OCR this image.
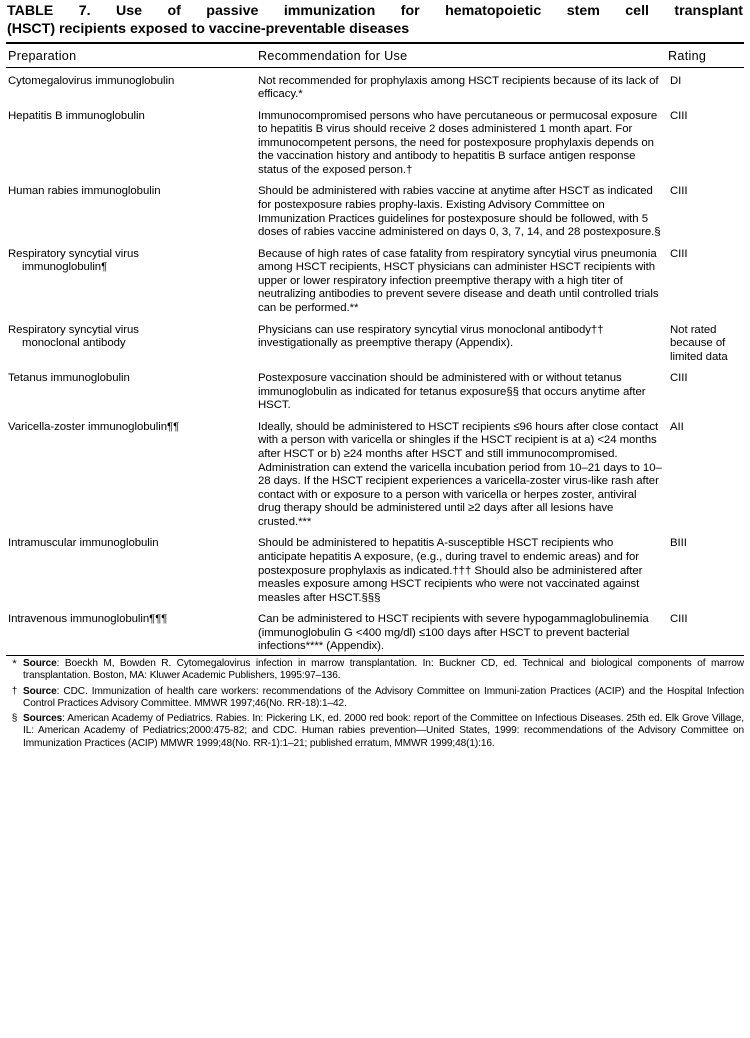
TABLE 7. Use of passive immunization for hematopoietic stem cell transplant
(HSCT) recipients exposed to vaccine-preventable diseases
Preparation	Recommendation for Use	Rating
Cytomegalovirus immunoglobulin	Not recommended for prophylaxis among HSCT recipients because of its lack of efficacy.*	DI
Hepatitis B immunoglobulin	Immunocompromised persons who have percutaneous or permucosal exposure to hepatitis B virus should receive 2 doses administered 1 month apart. For immunocompetent persons, the need for postexposure prophylaxis depends on the vaccination history and antibody to hepatitis B surface antigen response status of the exposed person.†	CIII
Human rabies immunoglobulin	Should be administered with rabies vaccine at anytime after HSCT as indicated for postexposure rabies prophy-laxis. Existing Advisory Committee on Immunization Practices guidelines for postexposure should be followed, with 5 doses of rabies vaccine administered on days 0, 3, 7, 14, and 28 postexposure.§	CIII
Respiratory syncytial virus
immunoglobulin¶	Because of high rates of case fatality from respiratory syncytial virus pneumonia among HSCT recipients, HSCT physicians can administer HSCT recipients with upper or lower respiratory infection preemptive therapy with a high titer of neutralizing antibodies to prevent severe disease and death until controlled trials can be performed.**	CIII
Respiratory syncytial virus
monoclonal antibody	Physicians can use respiratory syncytial virus monoclonal antibody†† investigationally as preemptive therapy (Appendix).	Not rated because of limited data
Tetanus immunoglobulin	Postexposure vaccination should be administered with or without tetanus immunoglobulin as indicated for tetanus exposure§§ that occurs anytime after HSCT.	CIII
Varicella-zoster immunoglobulin¶¶	Ideally, should be administered to HSCT recipients ≤96 hours after close contact with a person with varicella or shingles if the HSCT recipient is at a) <24 months after HSCT or b) ≥24 months after HSCT and still immunocompromised. Administration can extend the varicella incubation period from 10–21 days to 10–28 days. If the HSCT recipient experiences a varicella-zoster virus-like rash after contact with or exposure to a person with varicella or herpes zoster, antiviral drug therapy should be administered until ≥2 days after all lesions have crusted.***	AII
Intramuscular immunoglobulin	Should be administered to hepatitis A-susceptible HSCT recipients who anticipate hepatitis A exposure, (e.g., during travel to endemic areas) and for postexposure prophylaxis as indicated.††† Should also be administered after measles exposure among HSCT recipients who were not vaccinated against measles after HSCT.§§§	BIII
Intravenous immunoglobulin¶¶¶	Can be administered to HSCT recipients with severe hypogammaglobulinemia (immunoglobulin G <400 mg/dl) ≤100 days after HSCT to prevent bacterial infections**** (Appendix).	CIII
* Source: Boeckh M, Bowden R. Cytomegalovirus infection in marrow transplantation. In: Buckner CD, ed. Technical and biological components of marrow transplantation. Boston, MA: Kluwer Academic Publishers, 1995:97–136.
† Source: CDC. Immunization of health care workers: recommendations of the Advisory Committee on Immuni-zation Practices (ACIP) and the Hospital Infection Control Practices Advisory Committee. MMWR 1997;46(No. RR-18):1–42.
§ Sources: American Academy of Pediatrics. Rabies. In: Pickering LK, ed. 2000 red book: report of the Committee on Infectious Diseases. 25th ed. Elk Grove Village, IL: American Academy of Pediatrics;2000:475-82; and CDC. Human rabies prevention—United States, 1999: recommendations of the Advisory Committee on Immunization Practices (ACIP) MMWR 1999;48(No. RR-1):1–21; published erratum, MMWR 1999;48(1):16.
